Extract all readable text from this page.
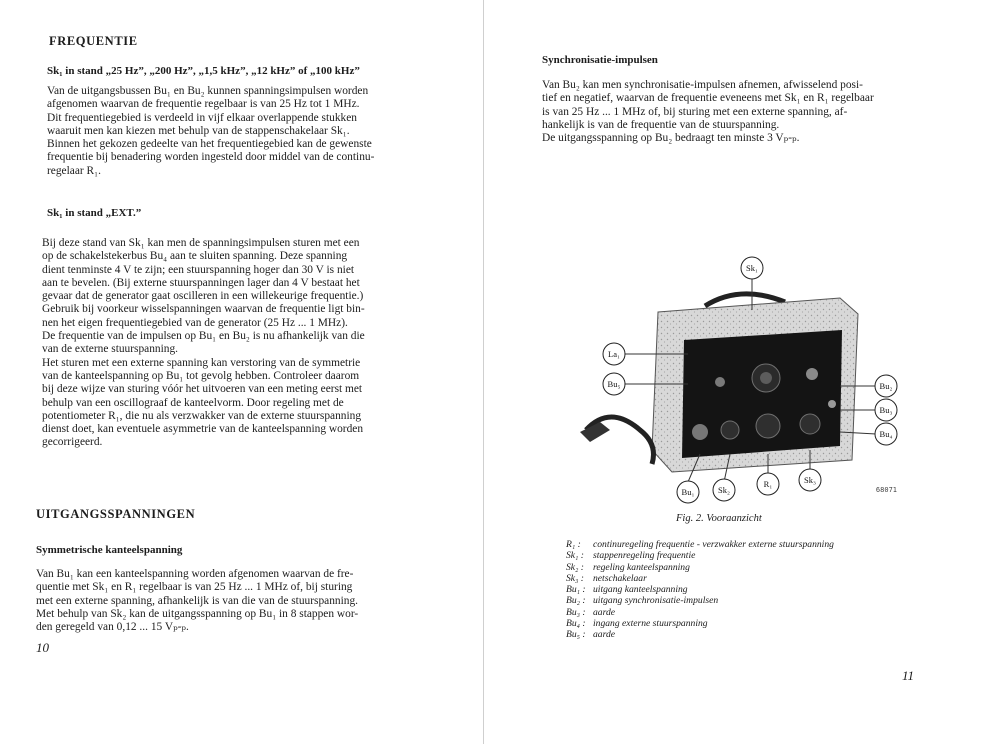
FREQUENTIE
Sk₁ in stand „25 Hz”, „200 Hz”, „1,5 kHz”, „12 kHz” of „100 kHz”

Van de uitgangsbussen Bu₁ en Bu₂ kunnen spanningsimpulsen worden

afgenomen waarvan de frequentie regelbaar is van 25 Hz tot 1 MHz.

Dit frequentiegebied is verdeeld in vijf elkaar overlappende stukken

waaruit men kan kiezen met behulp van de stappenschakelaar Sk₁.

Binnen het gekozen gedeelte van het frequentiegebied kan de gewenste

frequentie bij benadering worden ingesteld door middel van de continu-

regelaar R₁.

Sk₁ in stand „EXT.”

Bij deze stand van Sk₁ kan men de spanningsimpulsen sturen met een

op de schakelstekerbus Bu₄ aan te sluiten spanning. Deze spanning

dient tenminste 4 V te zijn; een stuurspanning hoger dan 30 V is niet

aan te bevelen. (Bij externe stuurspanningen lager dan 4 V bestaat het

gevaar dat de generator gaat oscilleren in een willekeurige frequentie.)

Gebruik bij voorkeur wisselspanningen waarvan de frequentie ligt bin-

nen het eigen frequentiegebied van de generator (25 Hz ... 1 MHz).

De frequentie van de impulsen op Bu₁ en Bu₂ is nu afhankelijk van die

van de externe stuurspanning.

Het sturen met een externe spanning kan verstoring van de symmetrie

van de kanteelspanning op Bu₁ tot gevolg hebben. Controleer daarom

bij deze wijze van sturing vóór het uitvoeren van een meting eerst met

behulp van een oscillograaf de kanteelvorm. Door regeling met de

potentiometer R₁, die nu als verzwakker van de externe stuurspanning

dienst doet, kan eventuele asymmetrie van de kanteelspanning worden

gecorrigeerd.

UITGANGSSPANNINGEN
Symmetrische kanteelspanning

Van Bu₁ kan een kanteelspanning worden afgenomen waarvan de fre-

quentie met Sk₁ en R₁ regelbaar is van 25 Hz ... 1 MHz of, bij sturing

met een externe spanning, afhankelijk is van die van de stuurspanning.

Met behulp van Sk₂ kan de uitgangsspanning op Bu₁ in 8 stappen wor-

den geregeld van 0,12 ... 15 Vₚ‑ₚ.

10
Synchronisatie-impulsen

Van Bu₂ kan men synchronisatie-impulsen afnemen, afwisselend posi-

tief en negatief, waarvan de frequentie eveneens met Sk₁ en R₁ regelbaar

is van 25 Hz ... 1 MHz of, bij sturing met een externe spanning, af-

hankelijk is van de frequentie van de stuurspanning.

De uitgangsspanning op Bu₂ bedraagt ten minste 3 Vₚ‑ₚ.

Sk₁
La₁
Bu₅	Bu₂
Bu₃
Bu₄
Bu₁	Sk₂
R₁	Sk₃
68071
Fig. 2. Vooraanzicht
R₁ :	continuregeling frequentie - verzwakker externe stuurspanning
Sk₁ : stappenregeling frequentie
Sk₂ : regeling kanteelspanning
Sk₃ : netschakelaar
Bu₁ : uitgang kanteelspanning
Bu₂ : uitgang synchronisatie-impulsen
Bu₃ : aarde
Bu₄ : ingang externe stuurspanning
Bu₅ : aarde
11
